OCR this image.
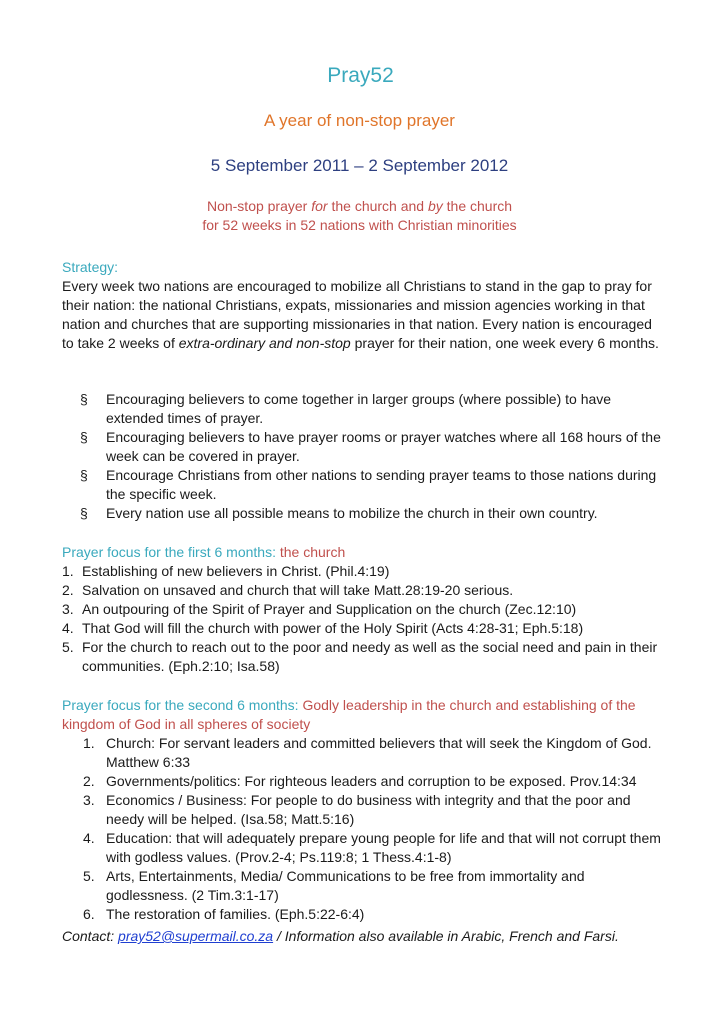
Pray52
A year of non-stop prayer
5 September 2011 – 2 September 2012
Non-stop prayer for the church and by the church
for 52 weeks in 52 nations with Christian minorities
Strategy:
Every week two nations are encouraged to mobilize all Christians to stand in the gap to pray for their nation: the national Christians, expats, missionaries and mission agencies working in that nation and churches that are supporting missionaries in that nation. Every nation is encouraged to take 2 weeks of extra-ordinary and non-stop prayer for their nation, one week every 6 months.
§ Encouraging believers to come together in larger groups (where possible) to have extended times of prayer.
§ Encouraging believers to have prayer rooms or prayer watches where all 168 hours of the week can be covered in prayer.
§ Encourage Christians from other nations to sending prayer teams to those nations during the specific week.
§ Every nation use all possible means to mobilize the church in their own country.
Prayer focus for the first 6 months: the church
1. Establishing of new believers in Christ. (Phil.4:19)
2. Salvation on unsaved and church that will take Matt.28:19-20 serious.
3. An outpouring of the Spirit of Prayer and Supplication on the church (Zec.12:10)
4. That God will fill the church with power of the Holy Spirit (Acts 4:28-31; Eph.5:18)
5. For the church to reach out to the poor and needy as well as the social need and pain in their communities. (Eph.2:10; Isa.58)
Prayer focus for the second 6 months: Godly leadership in the church and establishing of the kingdom of God in all spheres of society
1. Church: For servant leaders and committed believers that will seek the Kingdom of God. Matthew 6:33
2. Governments/politics: For righteous leaders and corruption to be exposed. Prov.14:34
3. Economics / Business: For people to do business with integrity and that the poor and needy will be helped. (Isa.58; Matt.5:16)
4. Education: that will adequately prepare young people for life and that will not corrupt them with godless values. (Prov.2-4; Ps.119:8; 1 Thess.4:1-8)
5. Arts, Entertainments, Media/ Communications to be free from immortality and godlessness. (2 Tim.3:1-17)
6. The restoration of families. (Eph.5:22-6:4)
Contact: pray52@supermail.co.za / Information also available in Arabic, French and Farsi.
